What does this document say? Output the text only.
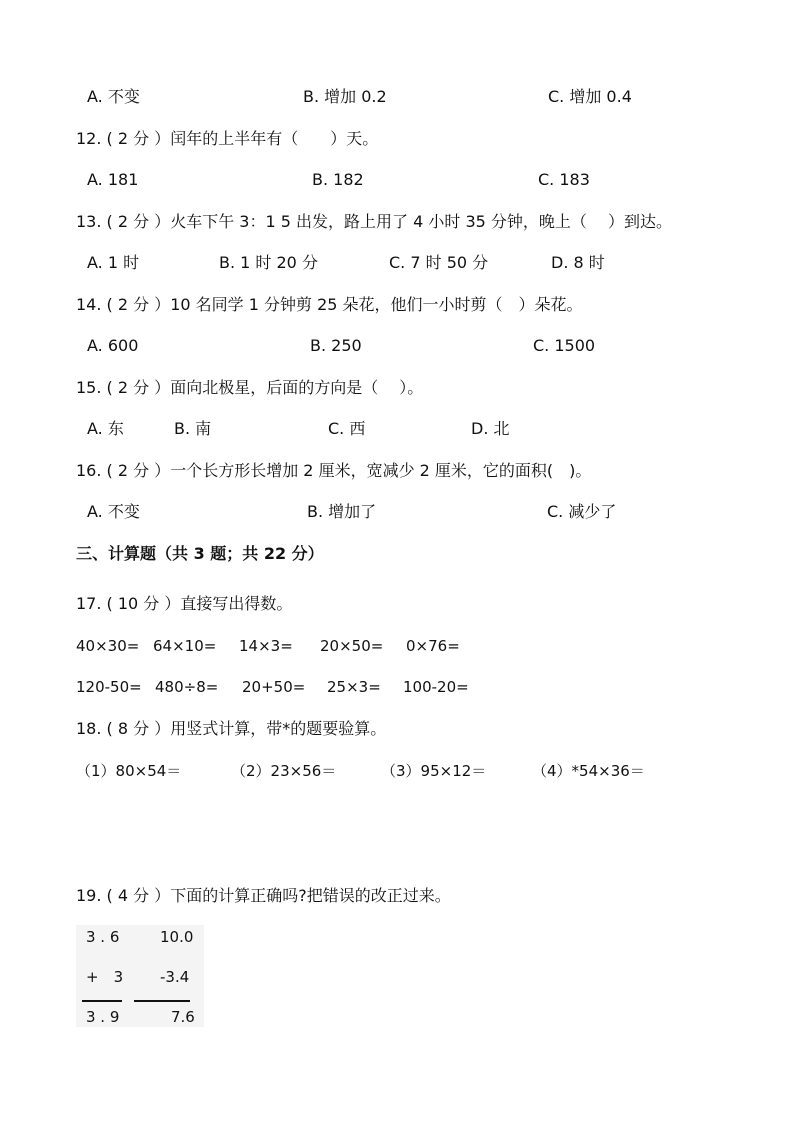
A. 不变	B. 增加 0.2	C. 增加 0.4
12. ( 2 分 ）闰年的上半年有（　　）天。
A. 181	B. 182	C. 183
13. ( 2 分 ）火车下午 3：1 5 出发，路上用了 4 小时 35 分钟，晚上（　 ）到达。
A. 1 时	B. 1 时 20 分	C. 7 时 50 分	D. 8 时
14. ( 2 分 ）10 名同学 1 分钟剪 25 朵花，他们一小时剪（　）朵花。
A. 600	B. 250	C. 1500
15. ( 2 分 ）面向北极星，后面的方向是（　 ）。
A. 东	B. 南	C. 西	D. 北
16. ( 2 分 ）一个长方形长增加 2 厘米，宽减少 2 厘米，它的面积(　)。
A. 不变	B. 增加了	C. 减少了
三、计算题（共 3 题；共 22 分）
17. ( 10 分 ）直接写出得数。
40×30= 64×10= 14×3= 20×50= 0×76=
120-50= 480÷8= 20+50= 25×3= 100-20=
18. ( 8 分 ）用竖式计算，带*的题要验算。
（1）80×54＝	（2）23×56＝	（3）95×12＝	（4）*54×36＝
19. ( 4 分 ）下面的计算正确吗?把错误的改正过来。
3 . 6	10.0
+　3 -3.4
3 . 9	7.6
